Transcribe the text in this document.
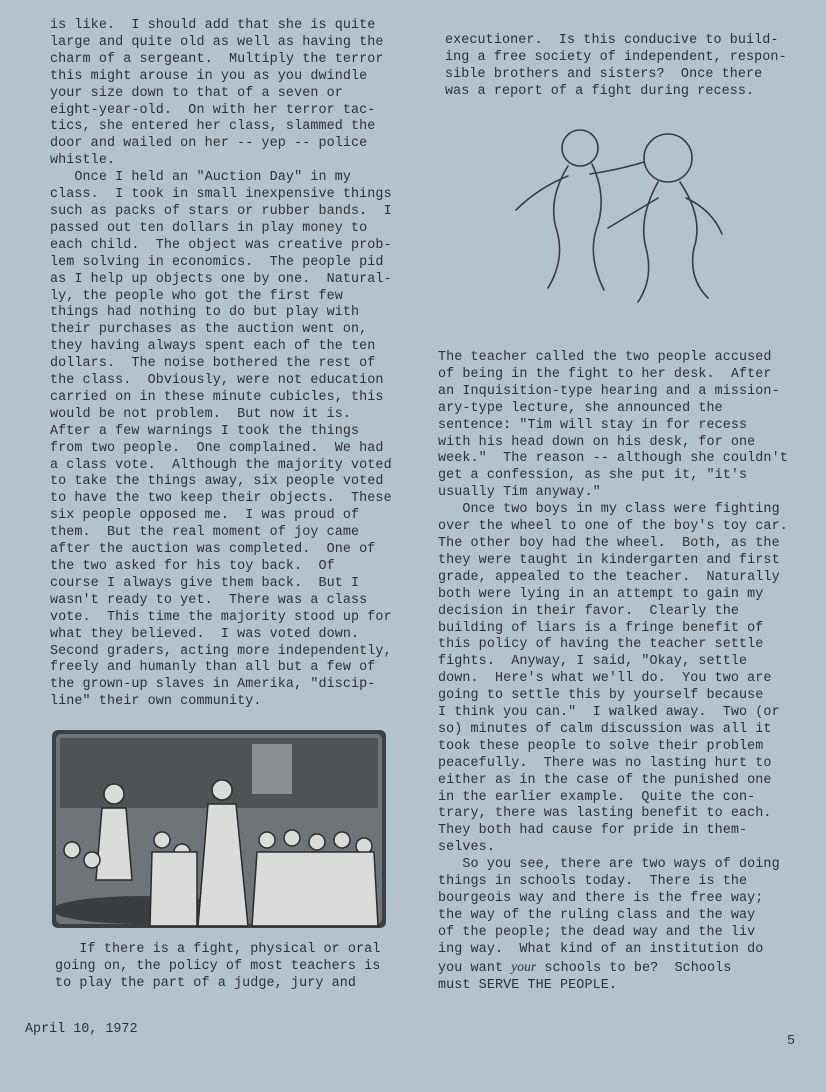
is like.  I should add that she is quite

large and quite old as well as having the

charm of a sergeant.  Multiply the terror

this might arouse in you as you dwindle

your size down to that of a seven or

eight-year-old.  On with her terror tac-

tics, she entered her class, slammed the

door and wailed on her -- yep -- police

whistle.

Once I held an "Auction Day" in my

class.  I took in small inexpensive things

such as packs of stars or rubber bands.  I

passed out ten dollars in play money to

each child.  The object was creative prob-

lem solving in economics.  The people pid

as I help up objects one by one.  Natural-

ly, the people who got the first few

things had nothing to do but play with

their purchases as the auction went on,

they having always spent each of the ten

dollars.  The noise bothered the rest of

the class.  Obviously, were not education

carried on in these minute cubicles, this

would be not problem.  But now it is.

After a few warnings I took the things

from two people.  One complained.  We had

a class vote.  Although the majority voted

to take the things away, six people voted

to have the two keep their objects.  These

six people opposed me.  I was proud of

them.  But the real moment of joy came

after the auction was completed.  One of

the two asked for his toy back.  Of

course I always give them back.  But I

wasn't ready to yet.  There was a class

vote.  This time the majority stood up for

what they believed.  I was voted down.

Second graders, acting more independently,

freely and humanly than all but a few of

the grown-up slaves in Amerika, "discip-

line" their own community.

If there is a fight, physical or oral

going on, the policy of most teachers is

to play the part of a judge, jury and

executioner.  Is this conducive to build-

ing a free society of independent, respon-

sible brothers and sisters?  Once there

was a report of a fight during recess.

The teacher called the two people accused

of being in the fight to her desk.  After

an Inquisition-type hearing and a mission-

ary-type lecture, she announced the

sentence: "Tim will stay in for recess

with his head down on his desk, for one

week."  The reason -- although she couldn't

get a confession, as she put it, "it's

usually Tim anyway."

Once two boys in my class were fighting

over the wheel to one of the boy's toy car.

The other boy had the wheel.  Both, as the

they were taught in kindergarten and first

grade, appealed to the teacher.  Naturally

both were lying in an attempt to gain my

decision in their favor.  Clearly the

building of liars is a fringe benefit of

this policy of having the teacher settle

fights.  Anyway, I said, "Okay, settle

down.  Here's what we'll do.  You two are

going to settle this by yourself because

I think you can."  I walked away.  Two (or

so) minutes of calm discussion was all it

took these people to solve their problem

peacefully.  There was no lasting hurt to

either as in the case of the punished one

in the earlier example.  Quite the con-

trary, there was lasting benefit to each.

They both had cause for pride in them-

selves.

So you see, there are two ways of doing

things in schools today.  There is the

bourgeois way and there is the free way;

the way of the ruling class and the way

of the people; the dead way and the liv

ing way.  What kind of an institution do

you want your schools to be?  Schools

must SERVE THE PEOPLE.

April 10, 1972
5
